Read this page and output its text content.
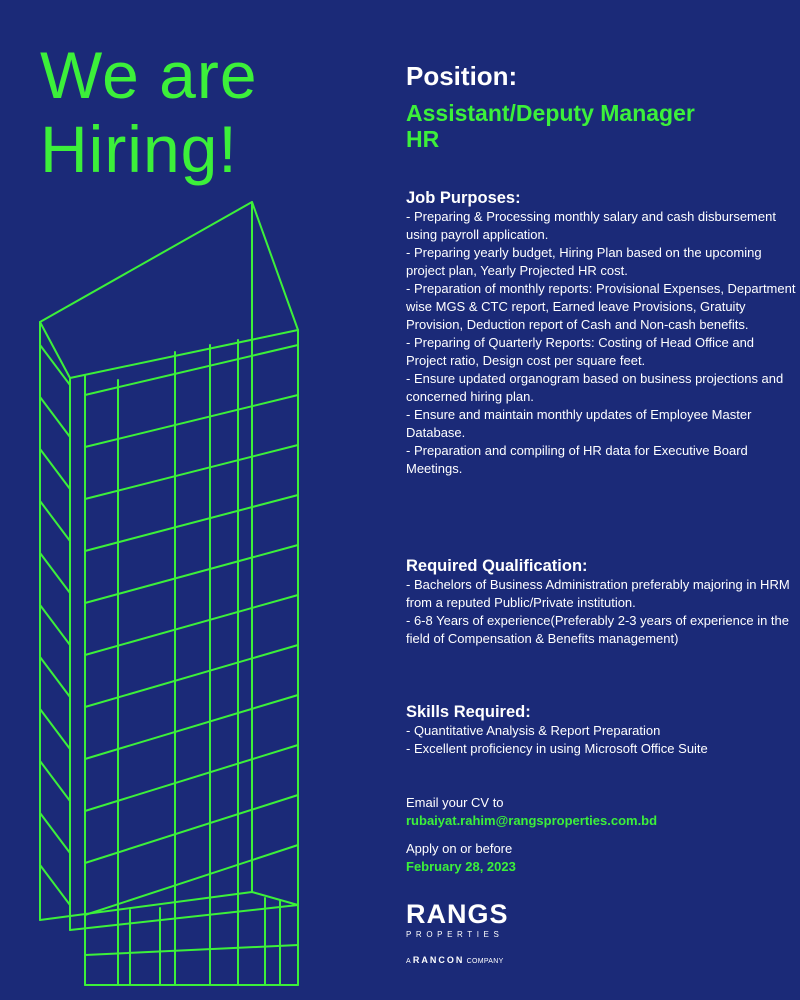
We are
Hiring!
Position:
Assistant/Deputy Manager
HR
Job Purposes:

- Preparing & Processing monthly salary and cash disbursement using payroll application.

- Preparing yearly budget, Hiring Plan based on the upcoming project plan, Yearly Projected HR cost.

- Preparation of monthly reports: Provisional Expenses, Department wise MGS & CTC report, Earned leave Provisions, Gratuity Provision, Deduction report of Cash and Non-cash benefits.

- Preparing of Quarterly Reports: Costing of Head Office and Project ratio, Design cost per square feet.

- Ensure updated organogram based on business projections and concerned hiring plan.

- Ensure and maintain monthly updates of Employee Master Database.

- Preparation and compiling of HR data for Executive Board Meetings.

Required Qualification:

- Bachelors of Business Administration preferably majoring in HRM from a reputed Public/Private institution.

- 6-8 Years of experience(Preferably 2-3 years of experience in the field of Compensation & Benefits management)

Skills Required:

- Quantitative Analysis & Report Preparation

- Excellent proficiency in using Microsoft Office Suite

Email your CV to
rubaiyat.rahim@rangsproperties.com.bd
Apply on or before
February 28, 2023
RANGS
PROPERTIES
A RANCON COMPANY
